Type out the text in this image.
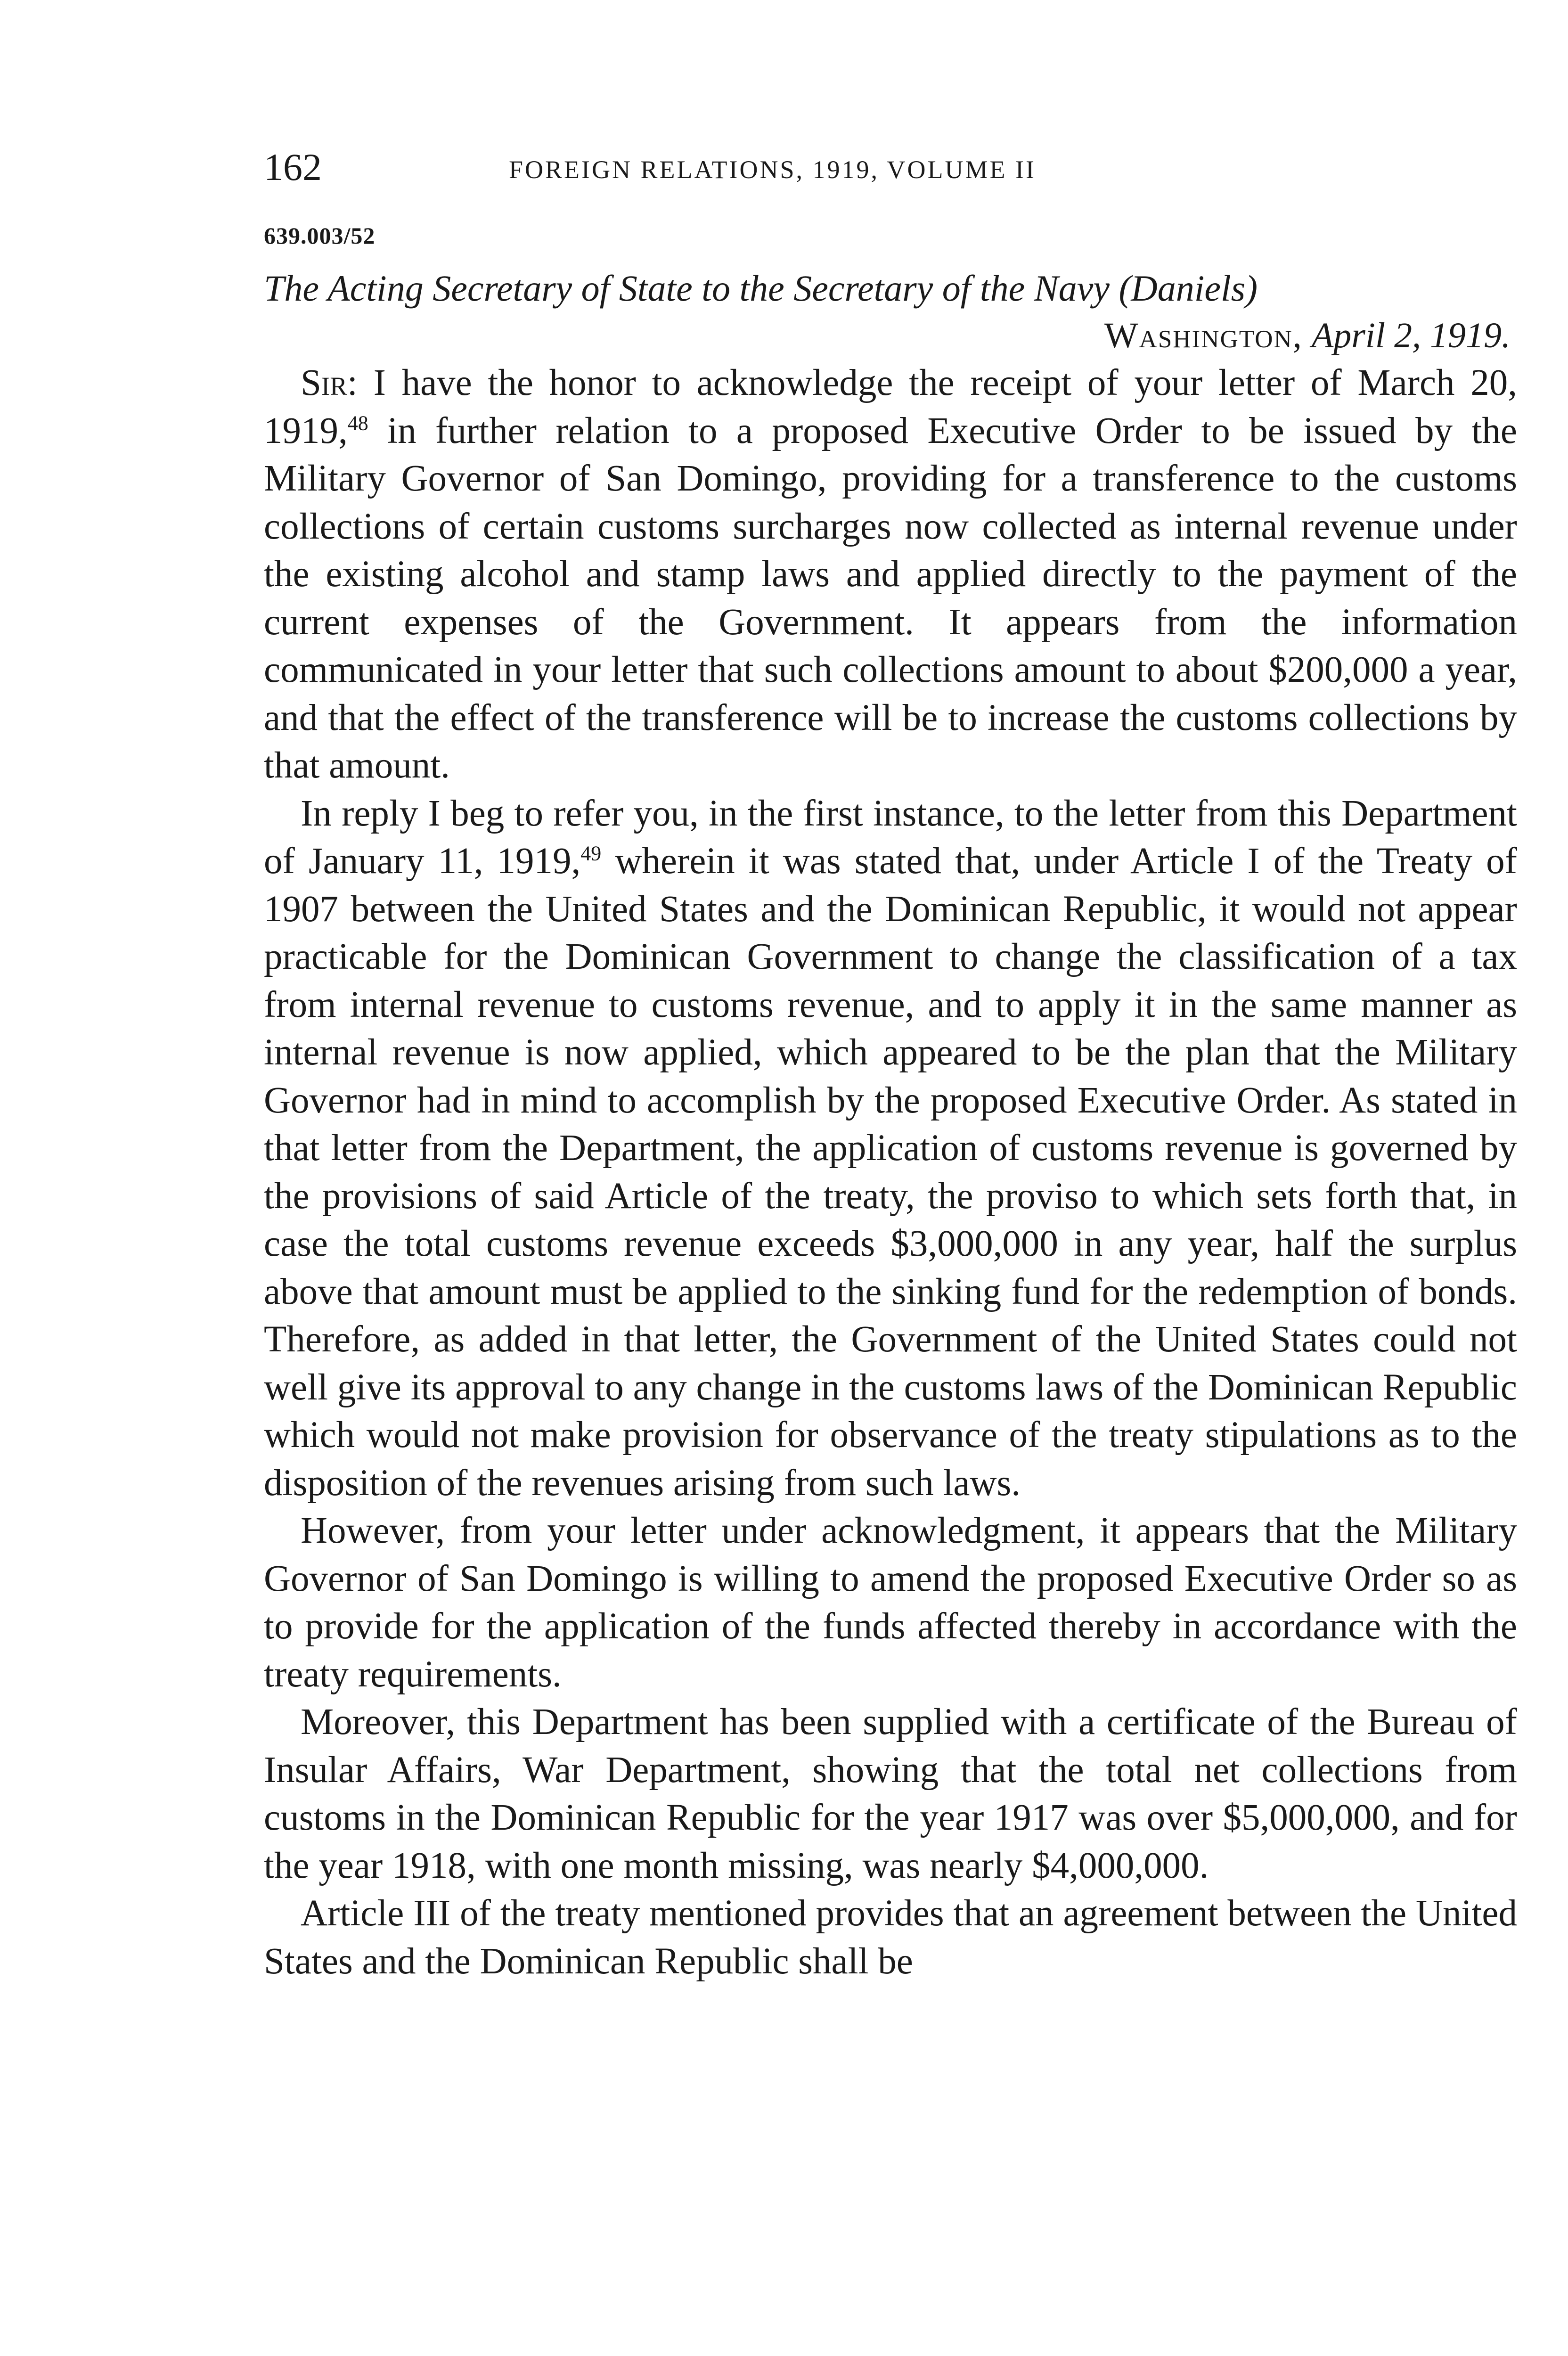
162	FOREIGN RELATIONS, 1919, VOLUME II
639.003/52
The Acting Secretary of State to the Secretary of the Navy (Daniels)
Washington, April 2, 1919.

Sir: I have the honor to acknowledge the receipt of your letter of March 20, 1919,48 in further relation to a proposed Executive Order to be issued by the Military Governor of San Domingo, providing for a transference to the customs collections of certain customs surcharges now collected as internal revenue under the existing alcohol and stamp laws and applied directly to the payment of the current expenses of the Government. It appears from the information communicated in your letter that such collections amount to about $200,000 a year, and that the effect of the transference will be to increase the customs collections by that amount.

In reply I beg to refer you, in the first instance, to the letter from this Department of January 11, 1919,49 wherein it was stated that, under Article I of the Treaty of 1907 between the United States and the Dominican Republic, it would not appear practicable for the Dominican Government to change the classification of a tax from internal revenue to customs revenue, and to apply it in the same manner as internal revenue is now applied, which appeared to be the plan that the Military Governor had in mind to accomplish by the proposed Executive Order. As stated in that letter from the Department, the application of customs revenue is governed by the provisions of said Article of the treaty, the proviso to which sets forth that, in case the total customs revenue exceeds $3,000,000 in any year, half the surplus above that amount must be applied to the sinking fund for the redemption of bonds. Therefore, as added in that letter, the Government of the United States could not well give its approval to any change in the customs laws of the Dominican Republic which would not make provision for observance of the treaty stipulations as to the disposition of the revenues arising from such laws.

However, from your letter under acknowledgment, it appears that the Military Governor of San Domingo is willing to amend the proposed Executive Order so as to provide for the application of the funds affected thereby in accordance with the treaty requirements.

Moreover, this Department has been supplied with a certificate of the Bureau of Insular Affairs, War Department, showing that the total net collections from customs in the Dominican Republic for the year 1917 was over $5,000,000, and for the year 1918, with one month missing, was nearly $4,000,000.

Article III of the treaty mentioned provides that an agreement between the United States and the Dominican Republic shall be
